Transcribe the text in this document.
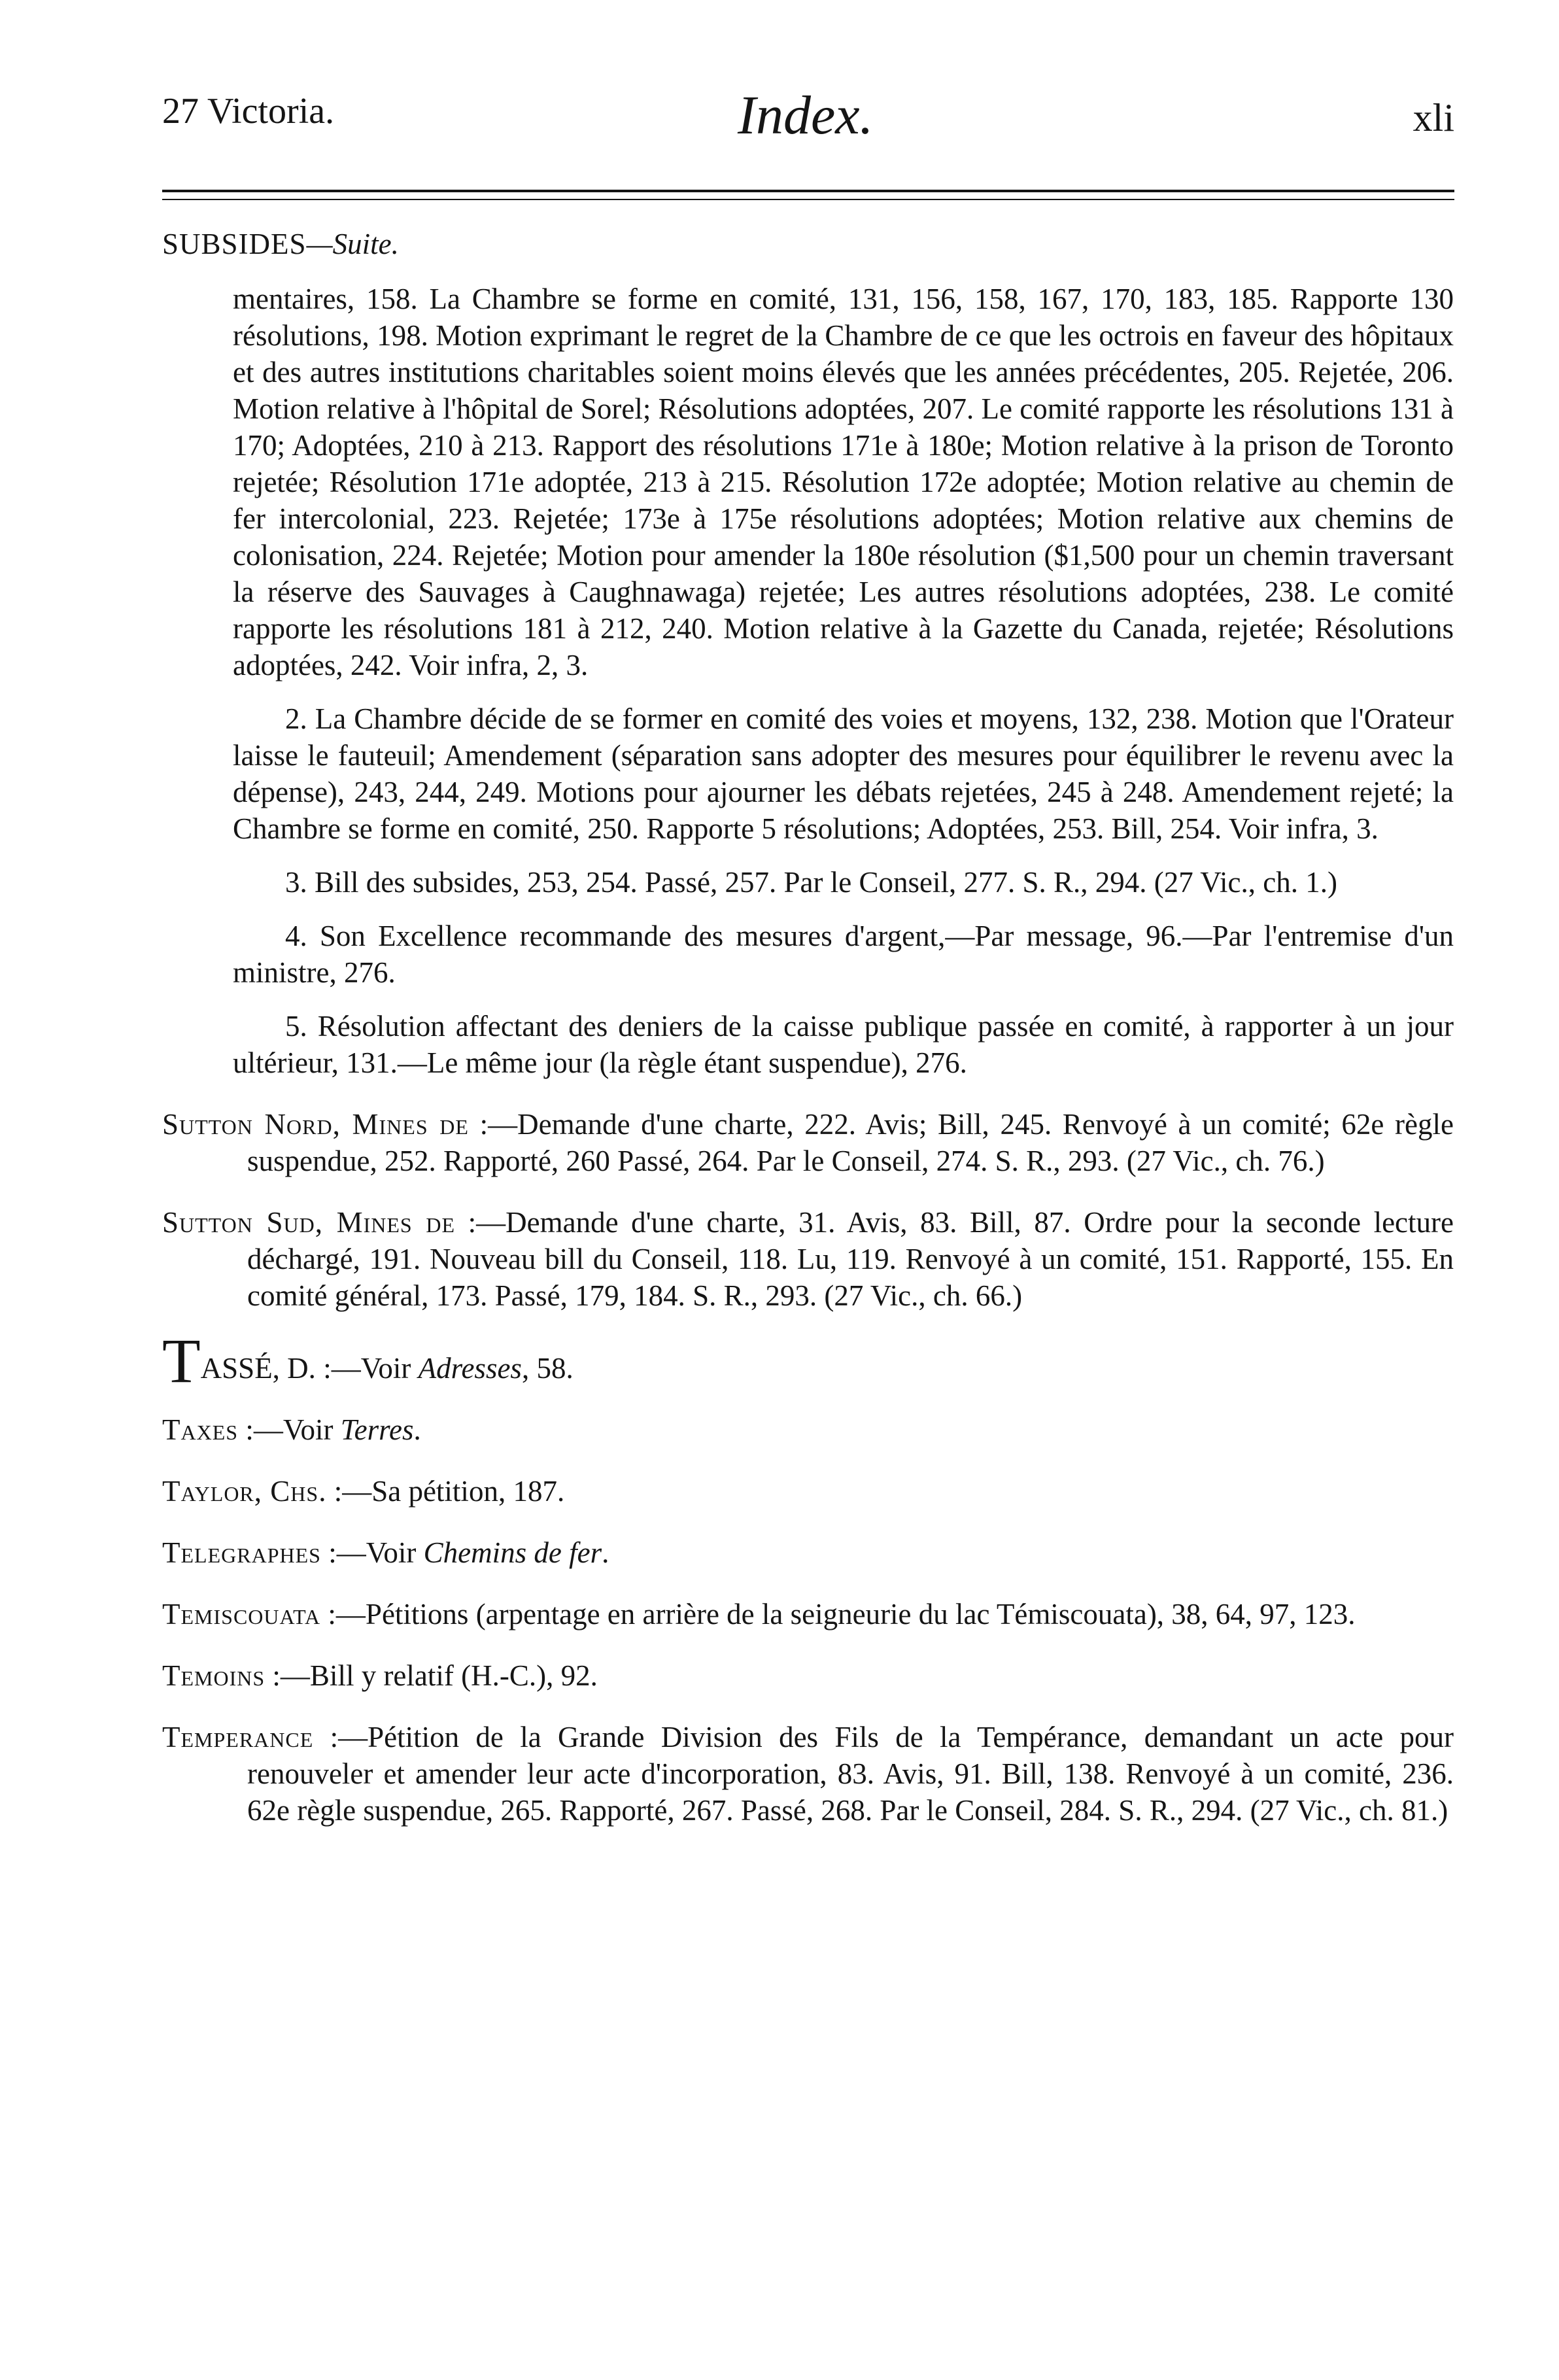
27 Victoria.	Index.	xli

SUBSIDES—Suite.

mentaires, 158. La Chambre se forme en comité, 131, 156, 158, 167, 170, 183, 185. Rapporte 130 résolutions, 198. Motion exprimant le regret de la Chambre de ce que les octrois en faveur des hôpitaux et des autres institutions charitables soient moins élevés que les années précédentes, 205. Rejetée, 206. Motion relative à l'hôpital de Sorel; Résolutions adoptées, 207. Le comité rapporte les résolutions 131 à 170; Adoptées, 210 à 213. Rapport des résolutions 171e à 180e; Motion relative à la prison de Toronto rejetée; Résolution 171e adoptée, 213 à 215. Résolution 172e adoptée; Motion relative au chemin de fer intercolonial, 223. Rejetée; 173e à 175e résolutions adoptées; Motion relative aux chemins de colonisation, 224. Rejetée; Motion pour amender la 180e résolution ($1,500 pour un chemin traversant la réserve des Sauvages à Caughnawaga) rejetée; Les autres résolutions adoptées, 238. Le comité rapporte les résolutions 181 à 212, 240. Motion relative à la Gazette du Canada, rejetée; Résolutions adoptées, 242. Voir infra, 2, 3.

2. La Chambre décide de se former en comité des voies et moyens, 132, 238. Motion que l'Orateur laisse le fauteuil; Amendement (séparation sans adopter des mesures pour équilibrer le revenu avec la dépense), 243, 244, 249. Motions pour ajourner les débats rejetées, 245 à 248. Amendement rejeté; la Chambre se forme en comité, 250. Rapporte 5 résolutions; Adoptées, 253. Bill, 254. Voir infra, 3.

3. Bill des subsides, 253, 254. Passé, 257. Par le Conseil, 277. S. R., 294. (27 Vic., ch. 1.)

4. Son Excellence recommande des mesures d'argent,—Par message, 96.—Par l'entremise d'un ministre, 276.

5. Résolution affectant des deniers de la caisse publique passée en comité, à rapporter à un jour ultérieur, 131.—Le même jour (la règle étant suspendue), 276.

Sutton Nord, Mines de :—Demande d'une charte, 222. Avis; Bill, 245. Renvoyé à un comité; 62e règle suspendue, 252. Rapporté, 260 Passé, 264. Par le Conseil, 274. S. R., 293. (27 Vic., ch. 76.)

Sutton Sud, Mines de :—Demande d'une charte, 31. Avis, 83. Bill, 87. Ordre pour la seconde lecture déchargé, 191. Nouveau bill du Conseil, 118. Lu, 119. Renvoyé à un comité, 151. Rapporté, 155. En comité général, 173. Passé, 179, 184. S. R., 293. (27 Vic., ch. 66.)

TASSÉ, D. :—Voir Adresses, 58.

Taxes :—Voir Terres.

Taylor, Chs. :—Sa pétition, 187.

Telegraphes :—Voir Chemins de fer.

Temiscouata :—Pétitions (arpentage en arrière de la seigneurie du lac Témiscouata), 38, 64, 97, 123.

Temoins :—Bill y relatif (H.-C.), 92.

Temperance :—Pétition de la Grande Division des Fils de la Tempérance, demandant un acte pour renouveler et amender leur acte d'incorporation, 83. Avis, 91. Bill, 138. Renvoyé à un comité, 236. 62e règle suspendue, 265. Rapporté, 267. Passé, 268. Par le Conseil, 284. S. R., 294. (27 Vic., ch. 81.)
